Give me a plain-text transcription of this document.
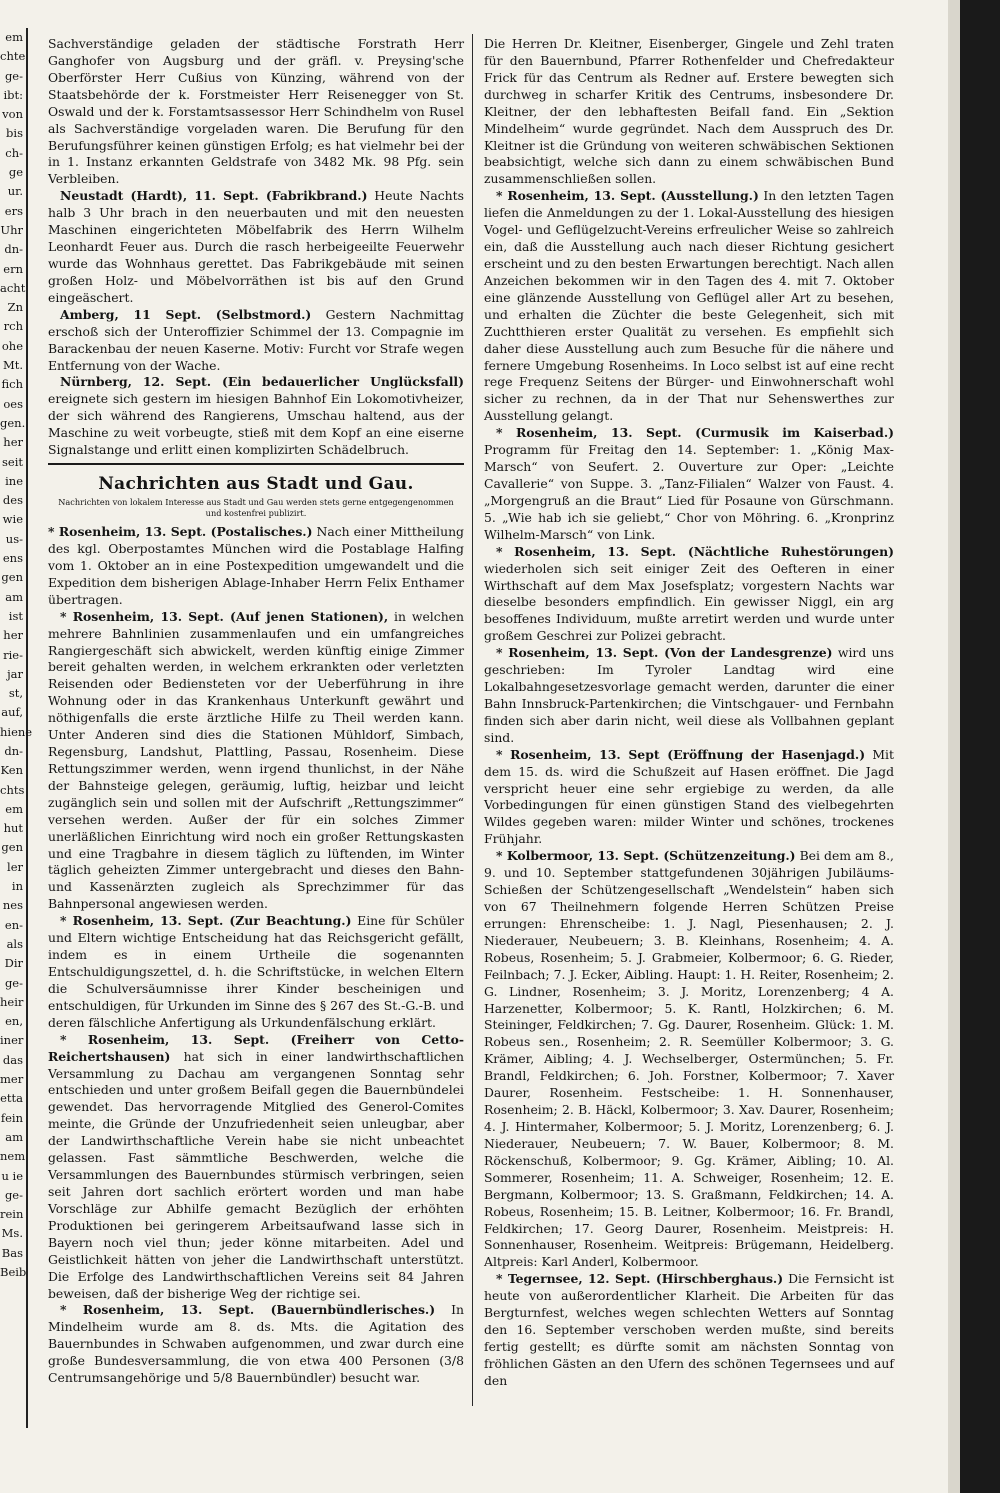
em
chte
ge-
ibt:
von
bis
ch-
ge
ur.
ers
Uhr
dn-
ern
acht
Zn
rch
ohe
Mt.
fich
oes
gen.
her
seit
ine
des
wie
us-
ens
gen
am
ist
her
rie-
jar
st,
auf,
hiene
dn-
Ken
chts
em
hut
gen
ler
in
nes
en-
als
Dir
ge-
heir
en,
iner
das
mer
etta
fein
am
nem
u ie
ge-
rein
Ms.
Bas
Beib

Sachverständige geladen der städtische Forstrath Herr Ganghofer von Augsburg und der gräfl. v. Preysing'sche Oberförster Herr Cußius von Künzing, während von der Staatsbehörde der k. Forstmeister Herr Reisenegger von St. Oswald und der k. Forstamtsassessor Herr Schindhelm von Rusel als Sachverständige vorgeladen waren. Die Berufung für den Berufungsführer keinen günstigen Erfolg; es hat vielmehr bei der in 1. Instanz erkannten Geldstrafe von 3482 Mk. 98 Pfg. sein Verbleiben.

Neustadt (Hardt), 11. Sept. (Fabrikbrand.) Heute Nachts halb 3 Uhr brach in den neuerbauten und mit den neuesten Maschinen eingerichteten Möbelfabrik des Herrn Wilhelm Leonhardt Feuer aus. Durch die rasch herbeigeeilte Feuerwehr wurde das Wohnhaus gerettet. Das Fabrikgebäude mit seinen großen Holz- und Möbelvorräthen ist bis auf den Grund eingeäschert.

Amberg, 11 Sept. (Selbstmord.) Gestern Nachmittag erschoß sich der Unteroffizier Schimmel der 13. Compagnie im Barackenbau der neuen Kaserne. Motiv: Furcht vor Strafe wegen Entfernung von der Wache.

Nürnberg, 12. Sept. (Ein bedauerlicher Unglücksfall) ereignete sich gestern im hiesigen Bahnhof Ein Lokomotivheizer, der sich während des Rangierens, Umschau haltend, aus der Maschine zu weit vorbeugte, stieß mit dem Kopf an eine eiserne Signalstange und erlitt einen komplizirten Schädelbruch.

Nachrichten aus Stadt und Gau.
Nachrichten von lokalem Interesse aus Stadt und Gau werden stets gerne entgegengenommen und kostenfrei publizirt.

* Rosenheim, 13. Sept. (Postalisches.) Nach einer Mittheilung des kgl. Oberpostamtes München wird die Postablage Halfing vom 1. Oktober an in eine Postexpedition umgewandelt und die Expedition dem bisherigen Ablage-Inhaber Herrn Felix Enthamer übertragen.

* Rosenheim, 13. Sept. (Auf jenen Stationen), in welchen mehrere Bahnlinien zusammenlaufen und ein umfangreiches Rangiergeschäft sich abwickelt, werden künftig einige Zimmer bereit gehalten werden, in welchem erkrankten oder verletzten Reisenden oder Bediensteten vor der Ueberführung in ihre Wohnung oder in das Krankenhaus Unterkunft gewährt und nöthigenfalls die erste ärztliche Hilfe zu Theil werden kann. Unter Anderen sind dies die Stationen Mühldorf, Simbach, Regensburg, Landshut, Plattling, Passau, Rosenheim. Diese Rettungszimmer werden, wenn irgend thunlichst, in der Nähe der Bahnsteige gelegen, geräumig, luftig, heizbar und leicht zugänglich sein und sollen mit der Aufschrift „Rettungszimmer“ versehen werden. Außer der für ein solches Zimmer unerläßlichen Einrichtung wird noch ein großer Rettungskasten und eine Tragbahre in diesem täglich zu lüftenden, im Winter täglich geheizten Zimmer untergebracht und dieses den Bahn- und Kassenärzten zugleich als Sprechzimmer für das Bahnpersonal angewiesen werden.

* Rosenheim, 13. Sept. (Zur Beachtung.) Eine für Schüler und Eltern wichtige Entscheidung hat das Reichsgericht gefällt, indem es in einem Urtheile die sogenannten Entschuldigungszettel, d. h. die Schriftstücke, in welchen Eltern die Schulversäumnisse ihrer Kinder bescheinigen und entschuldigen, für Urkunden im Sinne des § 267 des St.-G.-B. und deren fälschliche Anfertigung als Urkundenfälschung erklärt.

* Rosenheim, 13. Sept. (Freiherr von Cetto-Reichertshausen) hat sich in einer landwirthschaftlichen Versammlung zu Dachau am vergangenen Sonntag sehr entschieden und unter großem Beifall gegen die Bauernbündelei gewendet. Das hervorragende Mitglied des Generol-Comites meinte, die Gründe der Unzufriedenheit seien unleugbar, aber der Landwirthschaftliche Verein habe sie nicht unbeachtet gelassen. Fast sämmtliche Beschwerden, welche die Versammlungen des Bauernbundes stürmisch verbringen, seien seit Jahren dort sachlich erörtert worden und man habe Vorschläge zur Abhilfe gemacht Bezüglich der erhöhten Produktionen bei geringerem Arbeitsaufwand lasse sich in Bayern noch viel thun; jeder könne mitarbeiten. Adel und Geistlichkeit hätten von jeher die Landwirthschaft unterstützt. Die Erfolge des Landwirthschaftlichen Vereins seit 84 Jahren beweisen, daß der bisherige Weg der richtige sei.

* Rosenheim, 13. Sept. (Bauernbündlerisches.) In Mindelheim wurde am 8. ds. Mts. die Agitation des Bauernbundes in Schwaben aufgenommen, und zwar durch eine große Bundesversammlung, die von etwa 400 Personen (3/8 Centrumsangehörige und 5/8 Bauernbündler) besucht war.

Die Herren Dr. Kleitner, Eisenberger, Gingele und Zehl traten für den Bauernbund, Pfarrer Rothenfelder und Chefredakteur Frick für das Centrum als Redner auf. Erstere bewegten sich durchweg in scharfer Kritik des Centrums, insbesondere Dr. Kleitner, der den lebhaftesten Beifall fand. Ein „Sektion Mindelheim“ wurde gegründet. Nach dem Ausspruch des Dr. Kleitner ist die Gründung von weiteren schwäbischen Sektionen beabsichtigt, welche sich dann zu einem schwäbischen Bund zusammenschließen sollen.

* Rosenheim, 13. Sept. (Ausstellung.) In den letzten Tagen liefen die Anmeldungen zu der 1. Lokal-Ausstellung des hiesigen Vogel- und Geflügelzucht-Vereins erfreulicher Weise so zahlreich ein, daß die Ausstellung auch nach dieser Richtung gesichert erscheint und zu den besten Erwartungen berechtigt. Nach allen Anzeichen bekommen wir in den Tagen des 4. mit 7. Oktober eine glänzende Ausstellung von Geflügel aller Art zu besehen, und erhalten die Züchter die beste Gelegenheit, sich mit Zuchtthieren erster Qualität zu versehen. Es empfiehlt sich daher diese Ausstellung auch zum Besuche für die nähere und fernere Umgebung Rosenheims. In Loco selbst ist auf eine recht rege Frequenz Seitens der Bürger- und Einwohnerschaft wohl sicher zu rechnen, da in der That nur Sehenswerthes zur Ausstellung gelangt.

* Rosenheim, 13. Sept. (Curmusik im Kaiserbad.) Programm für Freitag den 14. September: 1. „König Max-Marsch“ von Seufert. 2. Ouverture zur Oper: „Leichte Cavallerie“ von Suppe. 3. „Tanz-Filialen“ Walzer von Faust. 4. „Morgengruß an die Braut“ Lied für Posaune von Gürschmann. 5. „Wie hab ich sie geliebt,“ Chor von Möhring. 6. „Kronprinz Wilhelm-Marsch“ von Link.

* Rosenheim, 13. Sept. (Nächtliche Ruhestörungen) wiederholen sich seit einiger Zeit des Oefteren in einer Wirthschaft auf dem Max Josefsplatz; vorgestern Nachts war dieselbe besonders empfindlich. Ein gewisser Niggl, ein arg besoffenes Individuum, mußte arretirt werden und wurde unter großem Geschrei zur Polizei gebracht.

* Rosenheim, 13. Sept. (Von der Landesgrenze) wird uns geschrieben: Im Tyroler Landtag wird eine Lokalbahngesetzesvorlage gemacht werden, darunter die einer Bahn Innsbruck-Partenkirchen; die Vintschgauer- und Fernbahn finden sich aber darin nicht, weil diese als Vollbahnen geplant sind.

* Rosenheim, 13. Sept (Eröffnung der Hasenjagd.) Mit dem 15. ds. wird die Schußzeit auf Hasen eröffnet. Die Jagd verspricht heuer eine sehr ergiebige zu werden, da alle Vorbedingungen für einen günstigen Stand des vielbegehrten Wildes gegeben waren: milder Winter und schönes, trockenes Frühjahr.

* Kolbermoor, 13. Sept. (Schützenzeitung.) Bei dem am 8., 9. und 10. September stattgefundenen 30jährigen Jubiläums-Schießen der Schützengesellschaft „Wendelstein“ haben sich von 67 Theilnehmern folgende Herren Schützen Preise errungen: Ehrenscheibe: 1. J. Nagl, Piesenhausen; 2. J. Niederauer, Neubeuern; 3. B. Kleinhans, Rosenheim; 4. A. Robeus, Rosenheim; 5. J. Grabmeier, Kolbermoor; 6. G. Rieder, Feilnbach; 7. J. Ecker, Aibling. Haupt: 1. H. Reiter, Rosenheim; 2. G. Lindner, Rosenheim; 3. J. Moritz, Lorenzenberg; 4 A. Harzenetter, Kolbermoor; 5. K. Rantl, Holzkirchen; 6. M. Steininger, Feldkirchen; 7. Gg. Daurer, Rosenheim. Glück: 1. M. Robeus sen., Rosenheim; 2. R. Seemüller Kolbermoor; 3. G. Krämer, Aibling; 4. J. Wechselberger, Ostermünchen; 5. Fr. Brandl, Feldkirchen; 6. Joh. Forstner, Kolbermoor; 7. Xaver Daurer, Rosenheim. Festscheibe: 1. H. Sonnenhauser, Rosenheim; 2. B. Häckl, Kolbermoor; 3. Xav. Daurer, Rosenheim; 4. J. Hintermaher, Kolbermoor; 5. J. Moritz, Lorenzenberg; 6. J. Niederauer, Neubeuern; 7. W. Bauer, Kolbermoor; 8. M. Röckenschuß, Kolbermoor; 9. Gg. Krämer, Aibling; 10. Al. Sommerer, Rosenheim; 11. A. Schweiger, Rosenheim; 12. E. Bergmann, Kolbermoor; 13. S. Graßmann, Feldkirchen; 14. A. Robeus, Rosenheim; 15. B. Leitner, Kolbermoor; 16. Fr. Brandl, Feldkirchen; 17. Georg Daurer, Rosenheim. Meistpreis: H. Sonnenhauser, Rosenheim. Weitpreis: Brügemann, Heidelberg. Altpreis: Karl Anderl, Kolbermoor.

* Tegernsee, 12. Sept. (Hirschberghaus.) Die Fernsicht ist heute von außerordentlicher Klarheit. Die Arbeiten für das Bergturnfest, welches wegen schlechten Wetters auf Sonntag den 16. September verschoben werden mußte, sind bereits fertig gestellt; es dürfte somit am nächsten Sonntag von fröhlichen Gästen an den Ufern des schönen Tegernsees und auf den
